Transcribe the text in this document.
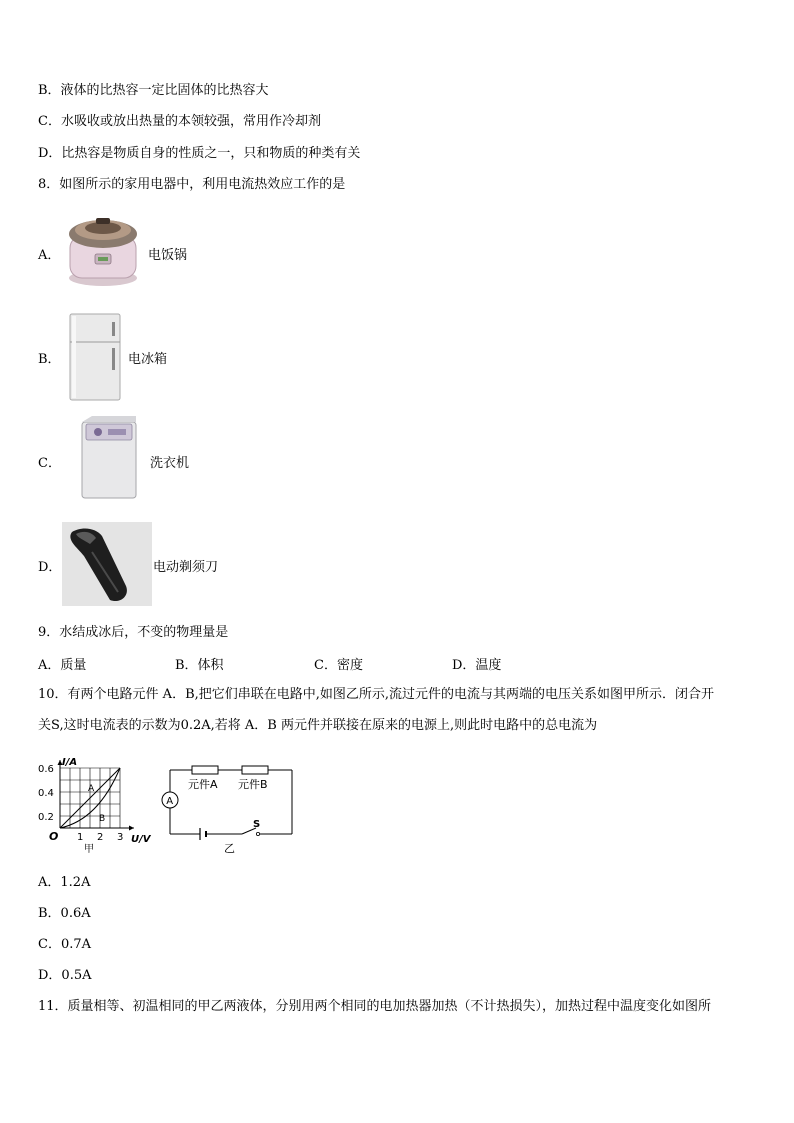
B．液体的比热容一定比固体的比热容大
C．水吸收或放出热量的本领较强，常用作冷却剂
D．比热容是物质自身的性质之一，只和物质的种类有关
8．如图所示的家用电器中，利用电流热效应工作的是
A．	电饭锅
B．	电冰箱
C．	洗衣机
D．	电动剃须刀
9．水结成冰后，不变的物理量是
A．质量	B．体积	C．密度	D．温度
10．有两个电路元件 A．B,把它们串联在电路中,如图乙所示,流过元件的电流与其两端的电压关系如图甲所示．闭合开
关S,这时电流表的示数为0.2A,若将 A．B 两元件并联接在原来的电源上,则此时电路中的总电流为
I/A
0.6
0.4
0.2
O 1 2 3 U/V
A
B
甲
A
元件A 元件B
S
乙
A．1.2A
B．0.6A
C．0.7A
D．0.5A
11．质量相等、初温相同的甲乙两液体，分别用两个相同的电加热器加热（不计热损失），加热过程中温度变化如图所
